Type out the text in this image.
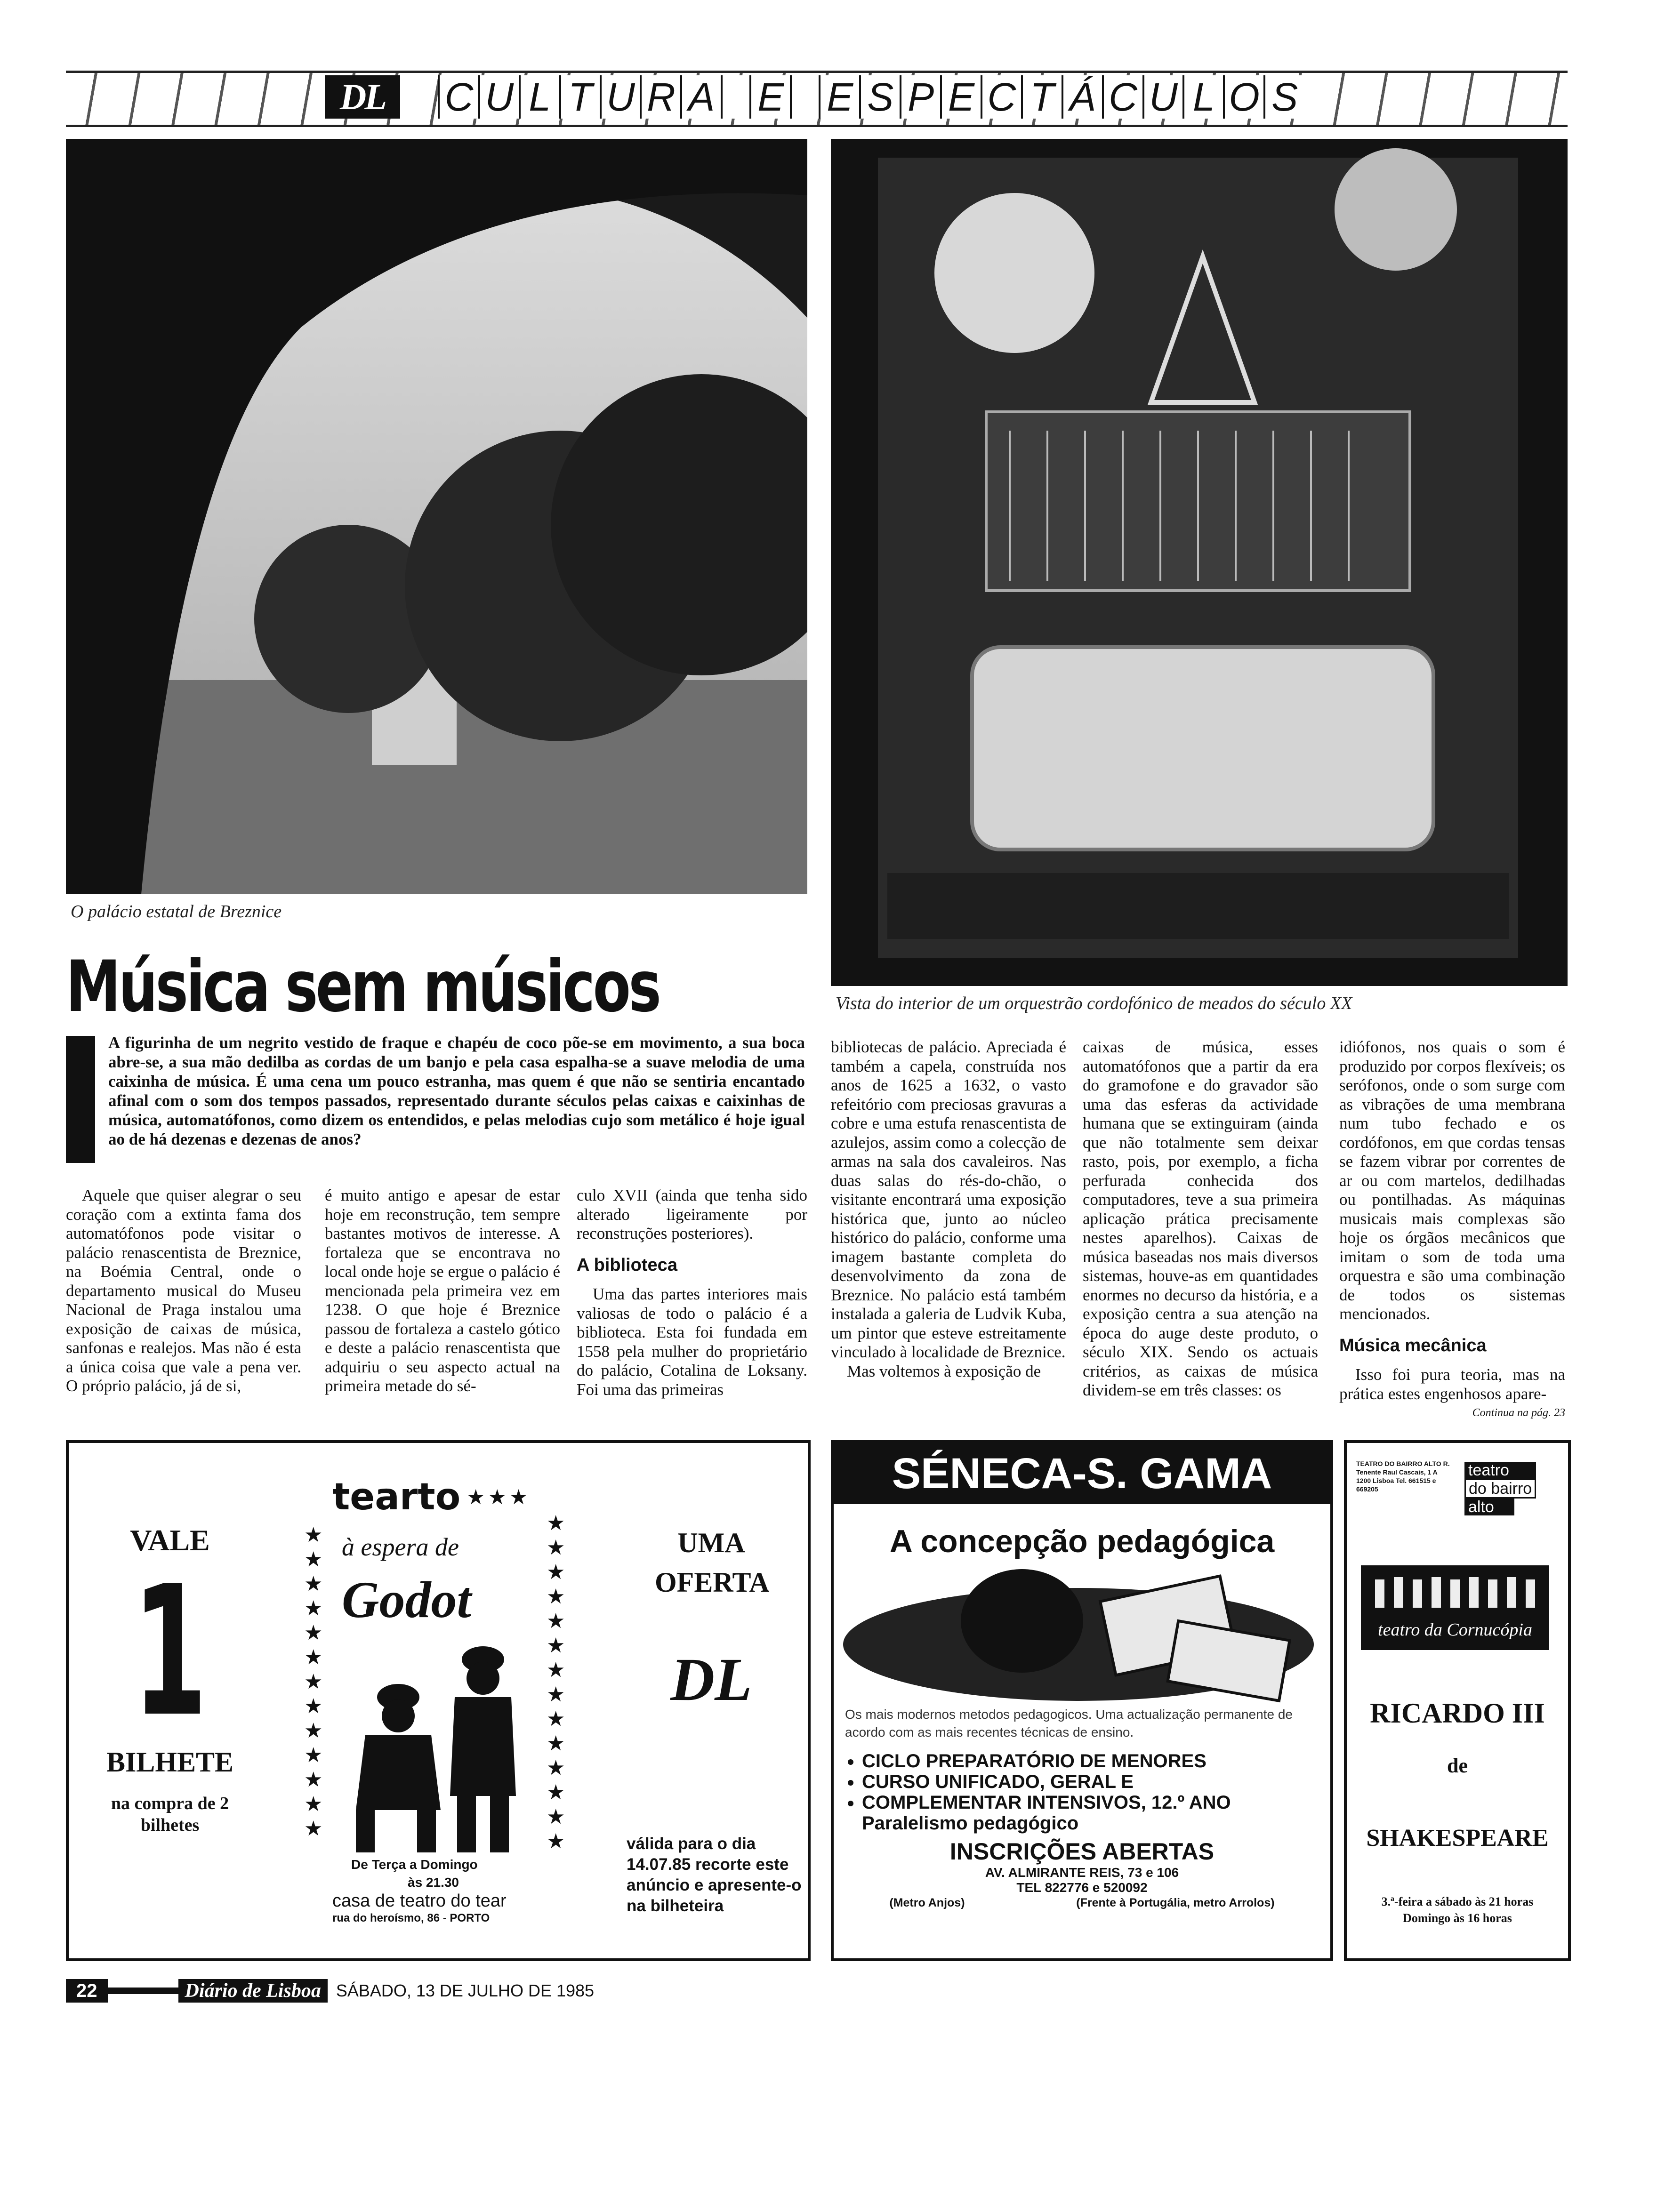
DL	C U L T U R A E E S P E C T Á C U L O S
O palácio estatal de Breznice
Vista do interior de um orquestrão cordofónico de meados do século XX
Música sem músicos
A figurinha de um negrito vestido de fraque e chapéu de coco põe-se em movimento, a sua boca abre-se, a sua mão dedilba as cordas de um banjo e pela casa espalha-se a suave melodia de uma caixinha de música. É uma cena um pouco estranha, mas quem é que não se sentiria encantado afinal com o som dos tempos passados, representado durante séculos pelas caixas e caixinhas de música, automatófonos, como dizem os entendidos, e pelas melodias cujo som metálico é hoje igual ao de há dezenas e dezenas de anos?

Aquele que quiser alegrar o seu coração com a extinta fama dos automatófonos pode visitar o palácio renascentista de Breznice, na Boémia Central, onde o departamento musical do Museu Nacional de Praga instalou uma exposição de caixas de música, sanfonas e realejos. Mas não é esta a única coisa que vale a pena ver. O próprio palácio, já de si,

é muito antigo e apesar de estar hoje em reconstrução, tem sempre bastantes motivos de interesse. A fortaleza que se encontrava no local onde hoje se ergue o palácio é mencionada pela primeira vez em 1238. O que hoje é Breznice passou de fortaleza a castelo gótico e deste a palácio renascentista que adquiriu o seu aspecto actual na primeira metade do sé-

culo XVII (ainda que tenha sido alterado ligeiramente por reconstruções posteriores).

A biblioteca

Uma das partes interiores mais valiosas de todo o palácio é a biblioteca. Esta foi fundada em 1558 pela mulher do proprietário do palácio, Cotalina de Loksany. Foi uma das primeiras

bibliotecas de palácio. Apreciada é também a capela, construída nos anos de 1625 a 1632, o vasto refeitório com preciosas gravuras a cobre e uma estufa renascentista de azulejos, assim como a colecção de armas na sala dos cavaleiros. Nas duas salas do rés-do-chão, o visitante encontrará uma exposição histórica que, junto ao núcleo histórico do palácio, conforme uma imagem bastante completa do desenvolvimento da zona de Breznice. No palácio está também instalada a galeria de Ludvik Kuba, um pintor que esteve estreitamente vinculado à localidade de Breznice.

Mas voltemos à exposição de

caixas de música, esses automatófonos que a partir da era do gramofone e do gravador são uma das esferas da actividade humana que se extinguiram (ainda que não totalmente sem deixar rasto, pois, por exemplo, a ficha perfurada conhecida dos computadores, teve a sua primeira aplicação prática precisamente nestes aparelhos). Caixas de música baseadas nos mais diversos sistemas, houve-as em quantidades enormes no decurso da história, e a exposição centra a sua atenção na época do auge deste produto, o século XIX. Sendo os actuais critérios, as caixas de música dividem-se em três classes: os

idiófonos, nos quais o som é produzido por corpos flexíveis; os serófonos, onde o som surge com as vibrações de uma membrana num tubo fechado e os cordófonos, em que cordas tensas se fazem vibrar por correntes de ar ou com martelos, dedilhadas ou pontilhadas. As máquinas musicais mais complexas são hoje os órgãos mecânicos que imitam o som de toda uma orquestra e são uma combinação de todos os sistemas mencionados.

Música mecânica

Isso foi pura teoria, mas na prática estes engenhosos apare-

Continua na pág. 23
VALE
1
BILHETE
na compra de 2 bilhetes
tearto ★★★
★
★
★
★
★
★
★
★
★
★
★
★
★
★
★
★
★
★
★
★
★
★
★
★
★
★
★
à espera de
Godot
De Terça a Domingo
às 21.30
casa de teatro do tear
rua do heroísmo, 86 - PORTO
UMA OFERTA
DL
válida para o dia 14.07.85 recorte este anúncio e apresente-o na bilheteira
SÉNECA-S. GAMA
A concepção pedagógica
Os mais modernos metodos pedagogicos. Uma actualização permanente de acordo com as mais recentes técnicas de ensino.
• CICLO PREPARATÓRIO DE MENORES
• CURSO UNIFICADO, GERAL E
• COMPLEMENTAR INTENSIVOS, 12.º ANO
Paralelismo pedagógico
INSCRIÇÕES ABERTAS
AV. ALMIRANTE REIS, 73 e 106
TEL 822776 e 520092
(Metro Anjos)	(Frente à Portugália, metro Arrolos)
TEATRO DO BAIRRO ALTO R. Tenente Raul Cascais, 1 A 1200 Lisboa Tel. 661515 e 669205
teatro
do bairro
alto
teatro da Cornucópia
RICARDO III
de
SHAKESPEARE
3.ª-feira a sábado às 21 horas
Domingo às 16 horas
22	Diário de Lisboa SÁBADO, 13 DE JULHO DE 1985
